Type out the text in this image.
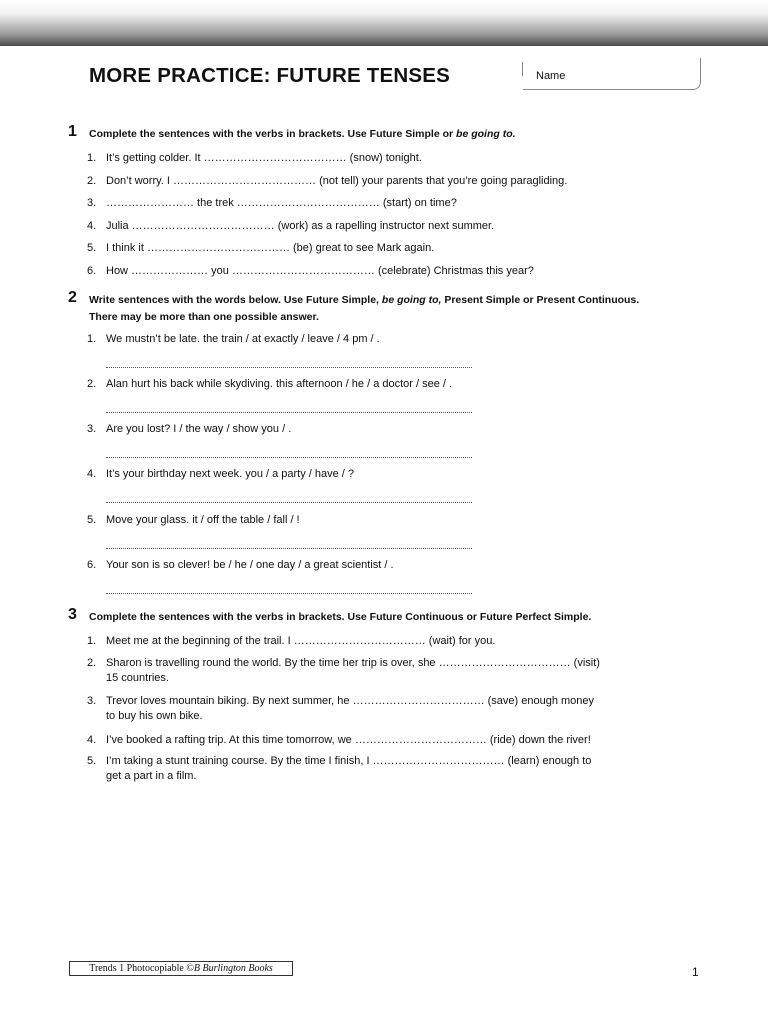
MORE PRACTICE: FUTURE TENSES	Name
1 Complete the sentences with the verbs in brackets. Use Future Simple or be going to.
1. It’s getting colder. It ………………………………… (snow) tonight.
2. Don’t worry. I ………………………………… (not tell) your parents that you’re going paragliding.
3. …………………… the trek ………………………………… (start) on time?
4. Julia ………………………………… (work) as a rapelling instructor next summer.
5. I think it ………………………………… (be) great to see Mark again.
6. How ………………… you ………………………………… (celebrate) Christmas this year?
2 Write sentences with the words below. Use Future Simple, be going to, Present Simple or Present Continuous.
There may be more than one possible answer.
1. We mustn’t be late. the train / at exactly / leave / 4 pm / .
2. Alan hurt his back while skydiving. this afternoon / he / a doctor / see / .
3. Are you lost? I / the way / show you / .
4. It’s your birthday next week. you / a party / have / ?
5. Move your glass. it / off the table / fall / !
6. Your son is so clever! be / he / one day / a great scientist / .
3 Complete the sentences with the verbs in brackets. Use Future Continuous or Future Perfect Simple.
1. Meet me at the beginning of the trail. I ……………………………… (wait) for you.
2. Sharon is travelling round the world. By the time her trip is over, she ……………………………… (visit)
15 countries.
3. Trevor loves mountain biking. By next summer, he ……………………………… (save) enough money
to buy his own bike.
4. I’ve booked a rafting trip. At this time tomorrow, we ……………………………… (ride) down the river!
5. I’m taking a stunt training course. By the time I finish, I ……………………………… (learn) enough to
get a part in a film.
Trends 1 Photocopiable ©B Burlington Books	1
